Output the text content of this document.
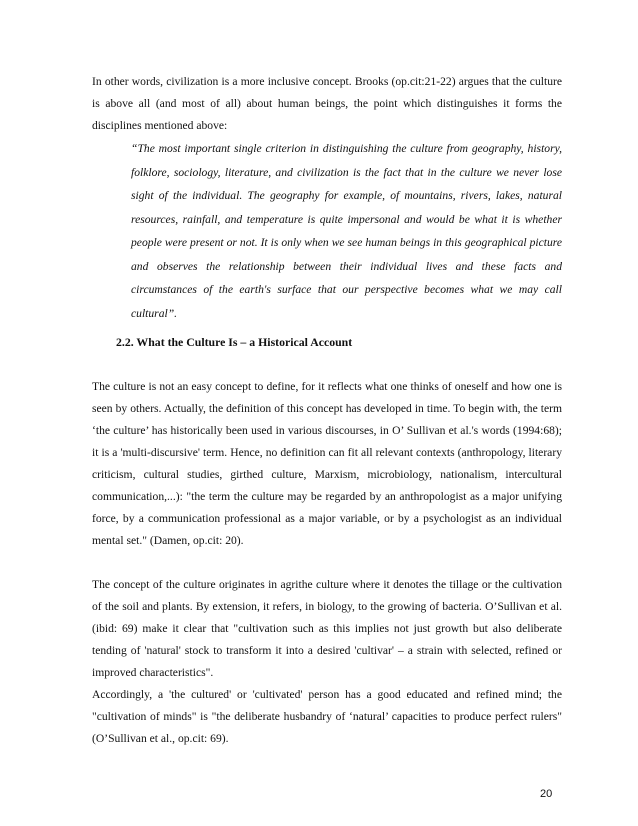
In other words, civilization is a more inclusive concept. Brooks (op.cit:21-22) argues that the culture is above all (and most of all) about human beings, the point which distinguishes it forms the disciplines mentioned above:

“The most important single criterion in distinguishing the culture from geography, history, folklore, sociology, literature, and civilization is the fact that in the culture we never lose sight of the individual. The geography for example, of mountains, rivers, lakes, natural resources, rainfall, and temperature is quite impersonal and would be what it is whether people were present or not. It is only when we see human beings in this geographical picture and observes the relationship between their individual lives and these facts and circumstances of the earth's surface that our perspective becomes what we may call cultural”.

2.2. What the Culture Is – a Historical Account

The culture is not an easy concept to define, for it reflects what one thinks of oneself and how one is seen by others. Actually, the definition of this concept has developed in time. To begin with, the term ‘the culture’ has historically been used in various discourses, in O’ Sullivan et al.'s words (1994:68); it is a 'multi-discursive' term. Hence, no definition can fit all relevant contexts (anthropology, literary criticism, cultural studies, girthed culture, Marxism, microbiology, nationalism, intercultural communication,...): "the term the culture may be regarded by an anthropologist as a major unifying force, by a communication professional as a major variable, or by a psychologist as an individual mental set." (Damen, op.cit: 20).

The concept of the culture originates in agrithe culture where it denotes the tillage or the cultivation of the soil and plants. By extension, it refers, in biology, to the growing of bacteria. O’Sullivan et al. (ibid: 69) make it clear that "cultivation such as this implies not just growth but also deliberate tending of 'natural' stock to transform it into a desired 'cultivar' – a strain with selected, refined or improved characteristics".

Accordingly, a 'the cultured' or 'cultivated' person has a good educated and refined mind; the "cultivation of minds" is "the deliberate husbandry of ‘natural’ capacities to produce perfect rulers" (O’Sullivan et al., op.cit: 69).

20
